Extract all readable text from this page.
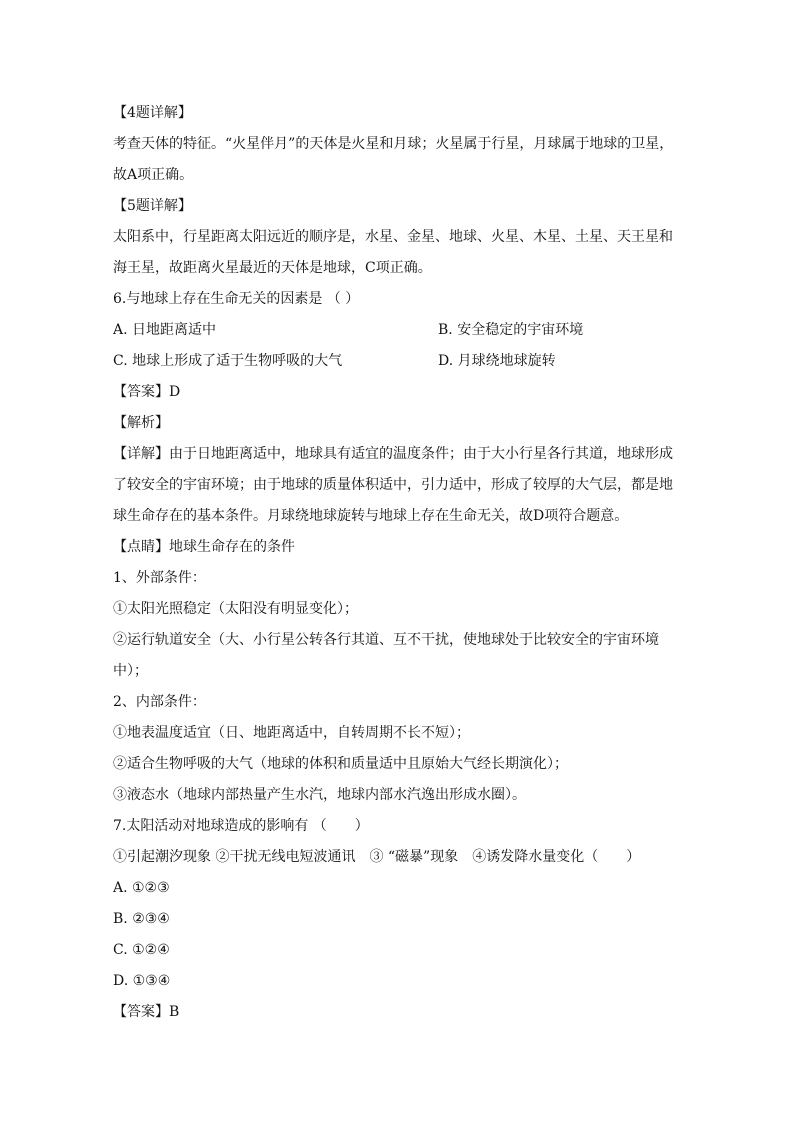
【4题详解】
考查天体的特征。“火星伴月”的天体是火星和月球；火星属于行星，月球属于地球的卫星，
故A项正确。
【5题详解】
太阳系中，行星距离太阳远近的顺序是，水星、金星、地球、火星、木星、土星、天王星和
海王星，故距离火星最近的天体是地球，C项正确。
6.与地球上存在生命无关的因素是 （ ）
A. 日地距离适中	B. 安全稳定的宇宙环境
C. 地球上形成了适于生物呼吸的大气	D. 月球绕地球旋转
【答案】D
【解析】
【详解】由于日地距离适中，地球具有适宜的温度条件；由于大小行星各行其道，地球形成
了较安全的宇宙环境；由于地球的质量体积适中，引力适中，形成了较厚的大气层，都是地
球生命存在的基本条件。月球绕地球旋转与地球上存在生命无关，故D项符合题意。
【点睛】地球生命存在的条件
1、外部条件：
①太阳光照稳定（太阳没有明显变化）；
②运行轨道安全（大、小行星公转各行其道、互不干扰，使地球处于比较安全的宇宙环境
中）；
2、内部条件：
①地表温度适宜（日、地距离适中，自转周期不长不短）；
②适合生物呼吸的大气（地球的体积和质量适中且原始大气经长期演化）；
③液态水（地球内部热量产生水汽，地球内部水汽逸出形成水圈）。
7.太阳活动对地球造成的影响有 （　　）
①引起潮汐现象 ②干扰无线电短波通讯　③ “磁暴”现象　④诱发降水量变化（　　）
A. ①②③
B. ②③④
C. ①②④
D. ①③④
【答案】B
